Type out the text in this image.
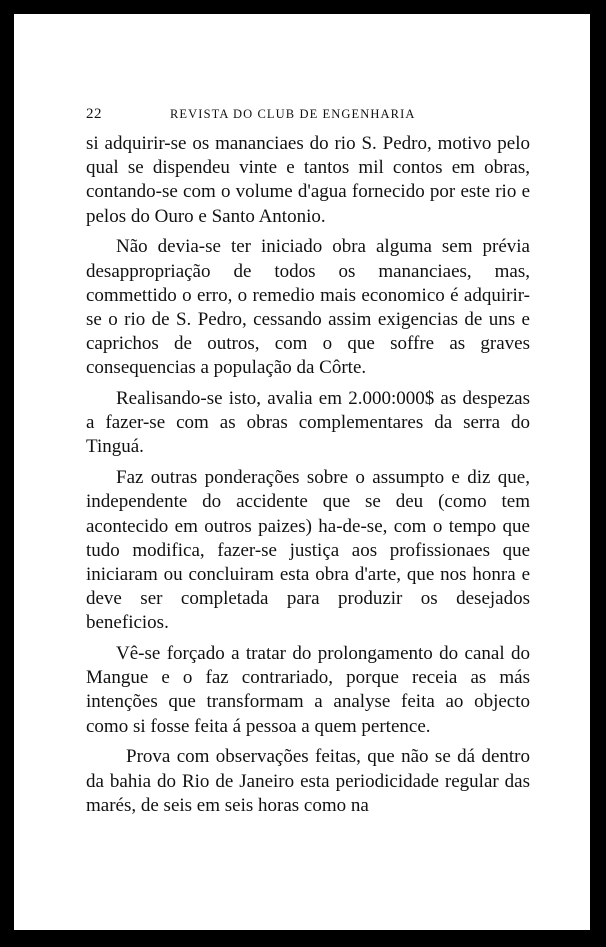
22	REVISTA DO CLUB DE ENGENHARIA

si adquirir-se os mananciaes do rio S. Pedro, motivo pelo qual se dispendeu vinte e tantos mil contos em obras, contando-se com o volume d'agua fornecido por este rio e pelos do Ouro e Santo Antonio.

Não devia-se ter iniciado obra alguma sem prévia desappropriação de todos os mananciaes, mas, commettido o erro, o remedio mais economico é adquirir-se o rio de S. Pedro, cessando assim exigencias de uns e caprichos de outros, com o que soffre as graves consequencias a população da Côrte.

Realisando-se isto, avalia em 2.000:000$ as despezas a fazer-se com as obras complementares da serra do Tinguá.

Faz outras ponderações sobre o assumpto e diz que, independente do accidente que se deu (como tem acontecido em outros paizes) ha-de-se, com o tempo que tudo modifica, fazer-se justiça aos profissionaes que iniciaram ou concluiram esta obra d'arte, que nos honra e deve ser completada para produzir os desejados beneficios.

Vê-se forçado a tratar do prolongamento do canal do Mangue e o faz contrariado, porque receia as más intenções que transformam a analyse feita ao objecto como si fosse feita á pessoa a quem pertence.

Prova com observações feitas, que não se dá dentro da bahia do Rio de Janeiro esta periodicidade regular das marés, de seis em seis horas como na
